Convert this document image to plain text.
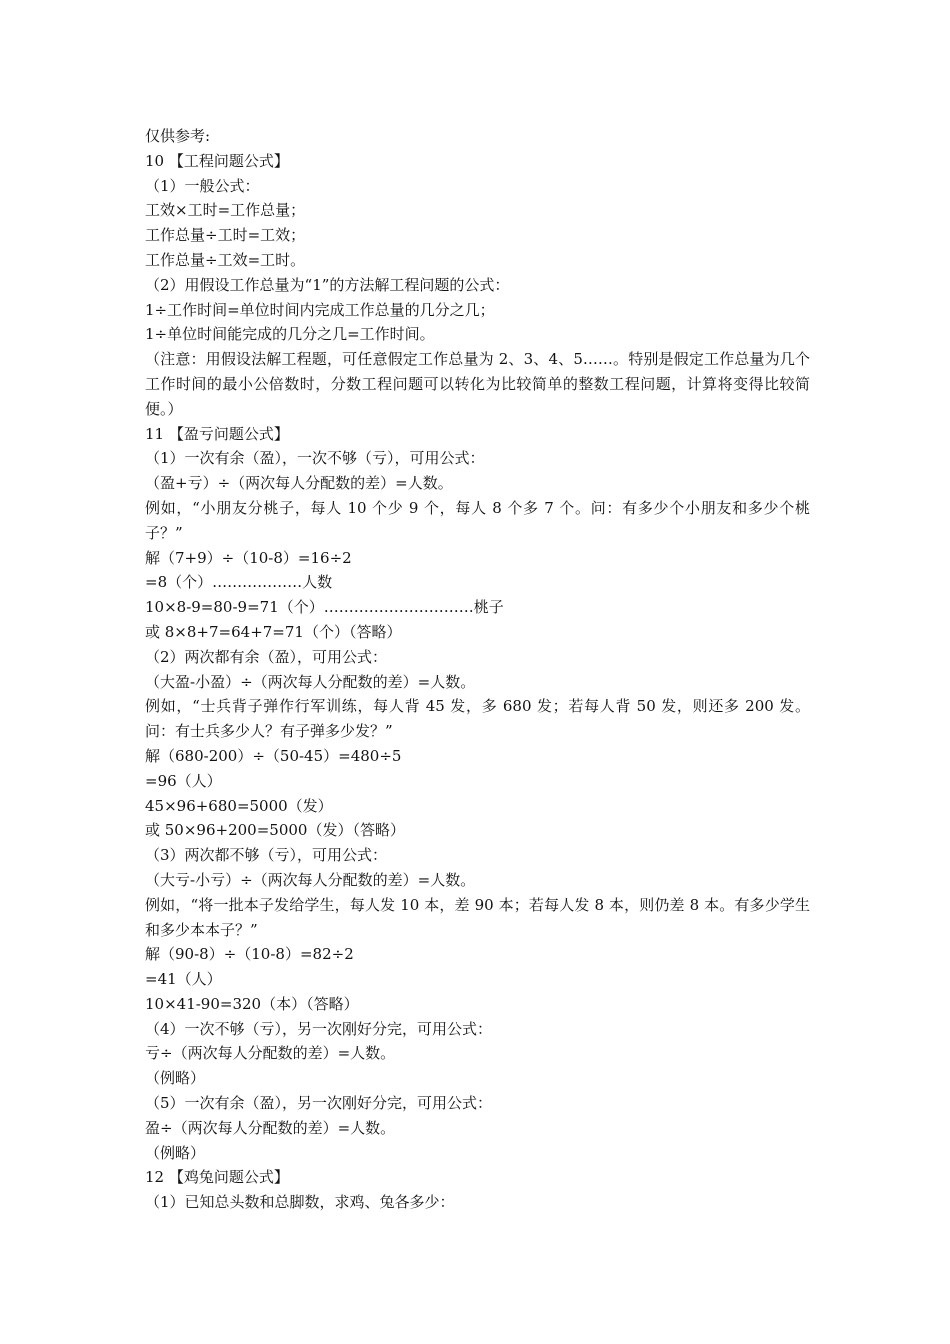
仅供参考:

10 【工程问题公式】

（1）一般公式：

工效×工时=工作总量；

工作总量÷工时=工效；

工作总量÷工效=工时。

（2）用假设工作总量为“1”的方法解工程问题的公式：

1÷工作时间=单位时间内完成工作总量的几分之几；

1÷单位时间能完成的几分之几=工作时间。

（注意：用假设法解工程题，可任意假定工作总量为 2、3、4、5……。特别是假定工作总量为几个工作时间的最小公倍数时，分数工程问题可以转化为比较简单的整数工程问题，计算将变得比较简便。）

11 【盈亏问题公式】

（1）一次有余（盈），一次不够（亏），可用公式：

（盈+亏）÷（两次每人分配数的差）=人数。

例如，“小朋友分桃子，每人 10 个少 9 个，每人 8 个多 7 个。问：有多少个小朋友和多少个桃子？”

解（7+9）÷（10-8）=16÷2

=8（个）………………人数

10×8-9=80-9=71（个）…………………………桃子

或 8×8+7=64+7=71（个）（答略）

（2）两次都有余（盈），可用公式：

（大盈-小盈）÷（两次每人分配数的差）=人数。

例如，“士兵背子弹作行军训练，每人背 45 发，多 680 发；若每人背 50 发，则还多 200 发。问：有士兵多少人？有子弹多少发？”

解（680-200）÷（50-45）=480÷5

=96（人）

45×96+680=5000（发）

或 50×96+200=5000（发）（答略）

（3）两次都不够（亏），可用公式：

（大亏-小亏）÷（两次每人分配数的差）=人数。

例如，“将一批本子发给学生，每人发 10 本，差 90 本；若每人发 8 本，则仍差 8 本。有多少学生和多少本本子？”

解（90-8）÷（10-8）=82÷2

=41（人）

10×41-90=320（本）（答略）

（4）一次不够（亏），另一次刚好分完，可用公式：

亏÷（两次每人分配数的差）=人数。

（例略）

（5）一次有余（盈），另一次刚好分完，可用公式：

盈÷（两次每人分配数的差）=人数。

（例略）

12 【鸡兔问题公式】

（1）已知总头数和总脚数，求鸡、兔各多少：
